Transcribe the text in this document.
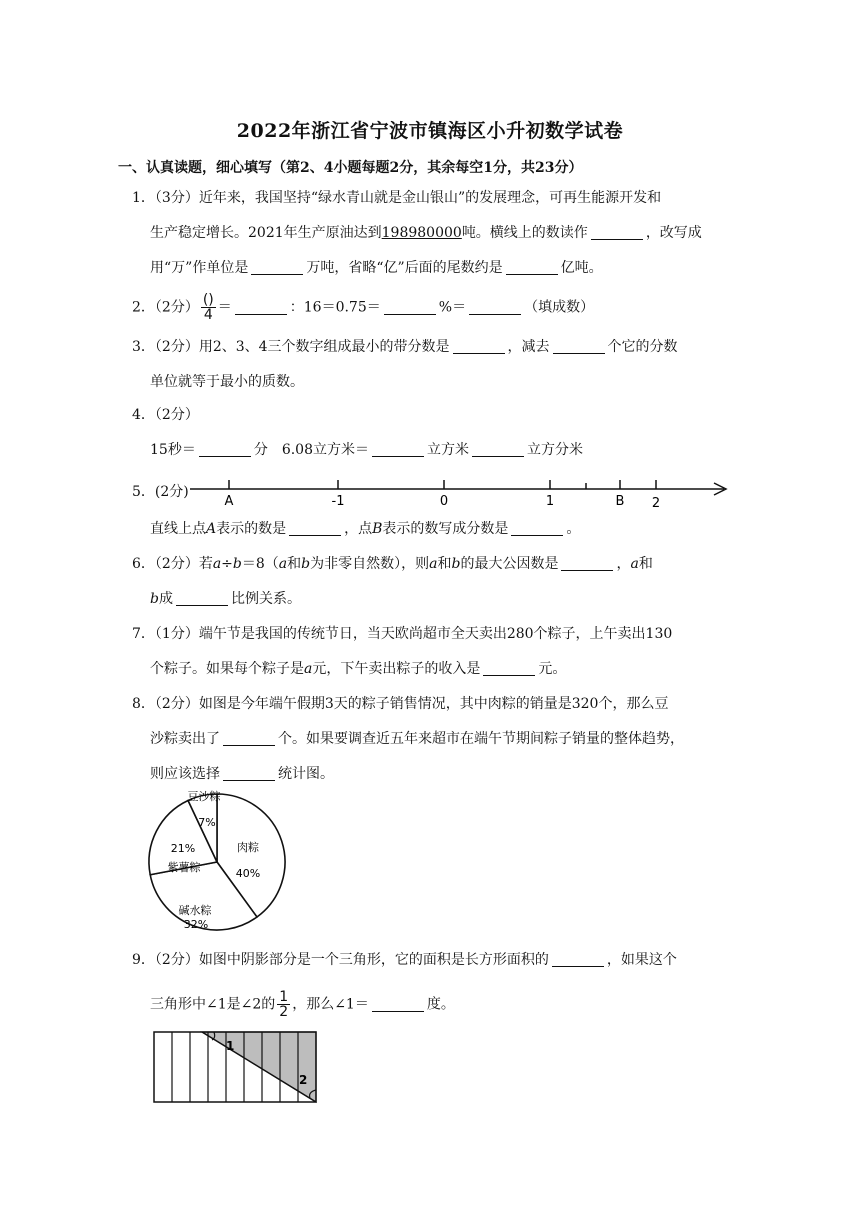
2022年浙江省宁波市镇海区小升初数学试卷
一、认真读题，细心填写（第2、4小题每题2分，其余每空1分，共23分）
1．（3分）近年来，我国坚持“绿水青山就是金山银山”的发展理念，可再生能源开发和
生产稳定增长。2021年生产原油达到198980000吨。横线上的数读作	，改写成
用“万”作单位是	万吨，省略“亿”后面的尾数约是	亿吨。
2．（2分） $\frac{()}{4}$ ＝	：16＝0.75＝	%＝	（填成数）
3．（2分）用2、3、4三个数字组成最小的带分数是	，减去	个它的分数
单位就等于最小的质数。
4．（2分）
15秒＝	分　6.08立方米＝	立方米	立方分米
5．(2分)
A	-1	0	1	B 2
直线上点A表示的数是	，点B表示的数写成分数是	。
6．（2分）若a÷b＝8（a和b为非零自然数），则a和b的最大公因数是	，a和
b成	比例关系。
7．（1分）端午节是我国的传统节日，当天欧尚超市全天卖出280个粽子，上午卖出130
个粽子。如果每个粽子是a元，下午卖出粽子的收入是	元。
8．（2分）如图是今年端午假期3天的粽子销售情况，其中肉粽的销量是320个，那么豆
沙粽卖出了	个。如果要调查近五年来超市在端午节期间粽子销量的整体趋势，
则应该选择	统计图。
肉粽
40%
碱水粽
32%
紫薯粽
21%
7%
豆沙粽
9．（2分）如图中阴影部分是一个三角形，它的面积是长方形面积的	，如果这个
三角形中∠1是∠2的 $\frac{1}{2}$ ，那么∠1＝	度。
1
2
